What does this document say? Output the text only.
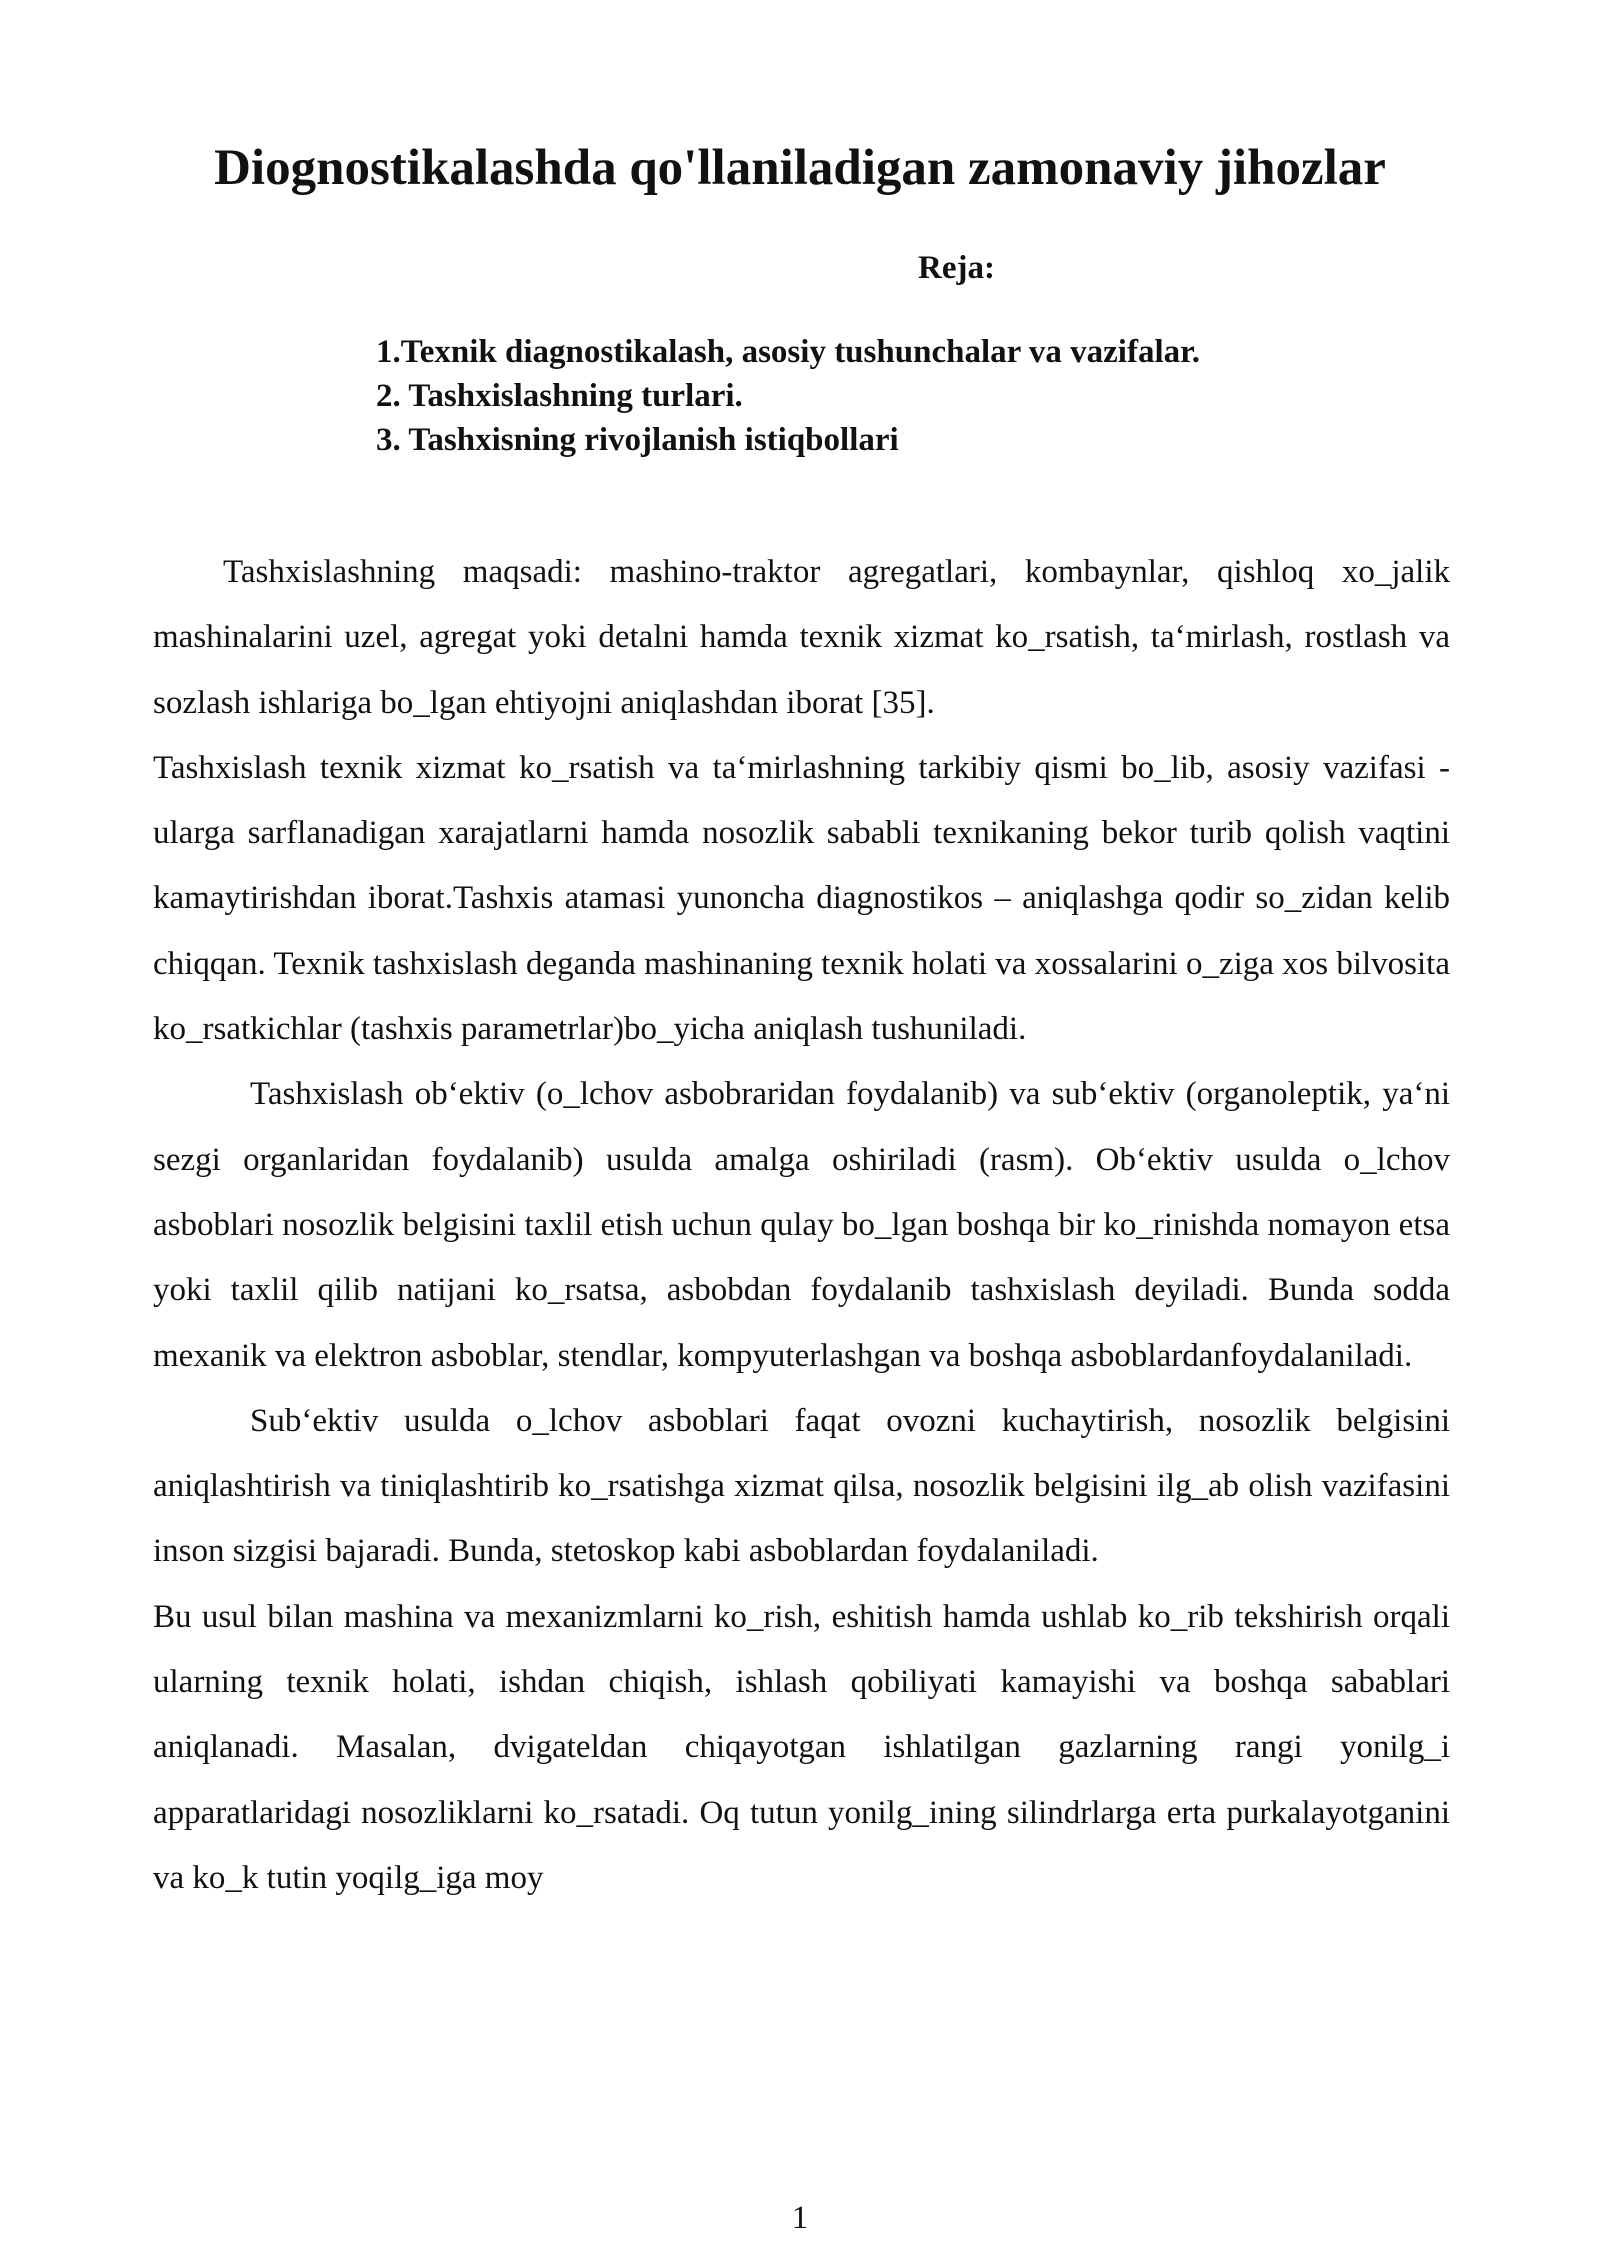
Diognostikalashda qo'llaniladigan zamonaviy jihozlar
Reja:
1.Texnik diagnostikalash, asosiy tushunchalar va vazifalar.
2. Tashxislashning turlari.
3. Tashxisning rivojlanish istiqbollari

Tashxislashning maqsadi: mashino-traktor agregatlari, kombaynlar, qishloq xo_jalik mashinalarini uzel, agregat yoki detalni hamda texnik xizmat ko_rsatish, ta‘mirlash, rostlash va sozlash ishlariga bo_lgan ehtiyojni aniqlashdan iborat [35].

Tashxislash texnik xizmat ko_rsatish va ta‘mirlashning tarkibiy qismi bo_lib, asosiy vazifasi - ularga sarflanadigan xarajatlarni hamda nosozlik sababli texnikaning bekor turib qolish vaqtini kamaytirishdan iborat.Tashxis atamasi yunoncha diagnostikos – aniqlashga qodir so_zidan kelib chiqqan. Texnik tashxislash deganda mashinaning texnik holati va xossalarini o_ziga xos bilvosita ko_rsatkichlar (tashxis parametrlar)bo_yicha aniqlash tushuniladi.

Tashxislash ob‘ektiv (o_lchov asbobraridan foydalanib) va sub‘ektiv (organoleptik, ya‘ni sezgi organlaridan foydalanib) usulda amalga oshiriladi (rasm). Ob‘ektiv usulda o_lchov asboblari nosozlik belgisini taxlil etish uchun qulay bo_lgan boshqa bir ko_rinishda nomayon etsa yoki taxlil qilib natijani ko_rsatsa, asbobdan foydalanib tashxislash deyiladi. Bunda sodda mexanik va elektron asboblar, stendlar, kompyuterlashgan va boshqa asboblardanfoydalaniladi.

Sub‘ektiv usulda o_lchov asboblari faqat ovozni kuchaytirish, nosozlik belgisini aniqlashtirish va tiniqlashtirib ko_rsatishga xizmat qilsa, nosozlik belgisini ilg_ab olish vazifasini inson sizgisi bajaradi. Bunda, stetoskop kabi asboblardan foydalaniladi.

Bu usul bilan mashina va mexanizmlarni ko_rish, eshitish hamda ushlab ko_rib tekshirish orqali ularning texnik holati, ishdan chiqish, ishlash qobiliyati kamayishi va boshqa sabablari aniqlanadi. Masalan, dvigateldan chiqayotgan ishlatilgan gazlarning rangi yonilg_i apparatlaridagi nosozliklarni ko_rsatadi. Oq tutun yonilg_ining silindrlarga erta purkalayotganini va ko_k tutin yoqilg_iga moy

1
